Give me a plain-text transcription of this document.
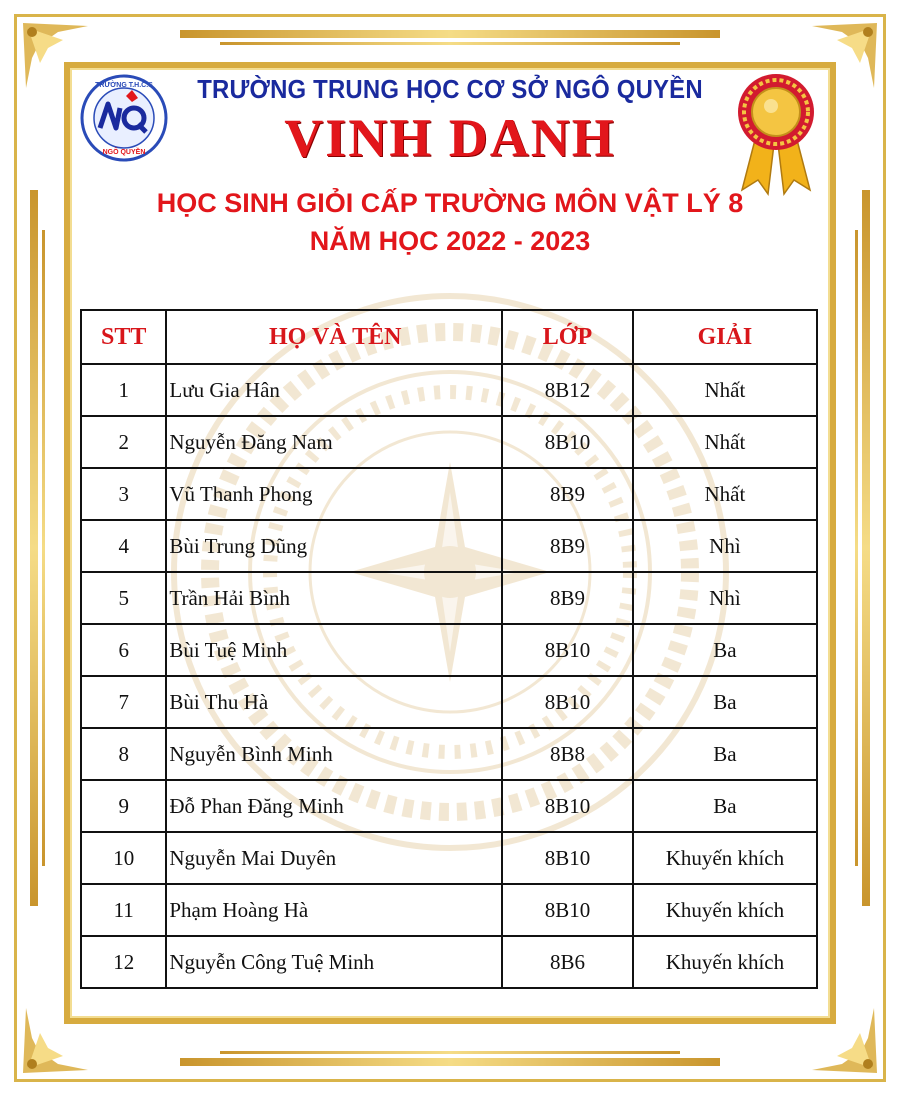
TRƯỜNG T.H.C.S
NGÔ QUYỀN
TRƯỜNG TRUNG HỌC CƠ SỞ NGÔ QUYỀN
VINH DANH
HỌC SINH GIỎI CẤP TRƯỜNG MÔN VẬT LÝ 8
NĂM HỌC 2022 - 2023
STT	HỌ VÀ TÊN	LỚP	GIẢI
1	Lưu Gia Hân	8B12	Nhất
2	Nguyễn Đăng Nam	8B10	Nhất
3	Vũ Thanh Phong	8B9	Nhất
4	Bùi Trung Dũng	8B9	Nhì
5	Trần Hải Bình	8B9	Nhì
6	Bùi Tuệ Minh	8B10	Ba
7	Bùi Thu Hà	8B10	Ba
8	Nguyễn Bình Minh	8B8	Ba
9	Đỗ Phan Đăng Minh	8B10	Ba
10	Nguyễn Mai Duyên	8B10	Khuyến khích
11	Phạm Hoàng Hà	8B10	Khuyến khích
12	Nguyễn Công Tuệ Minh	8B6	Khuyến khích
